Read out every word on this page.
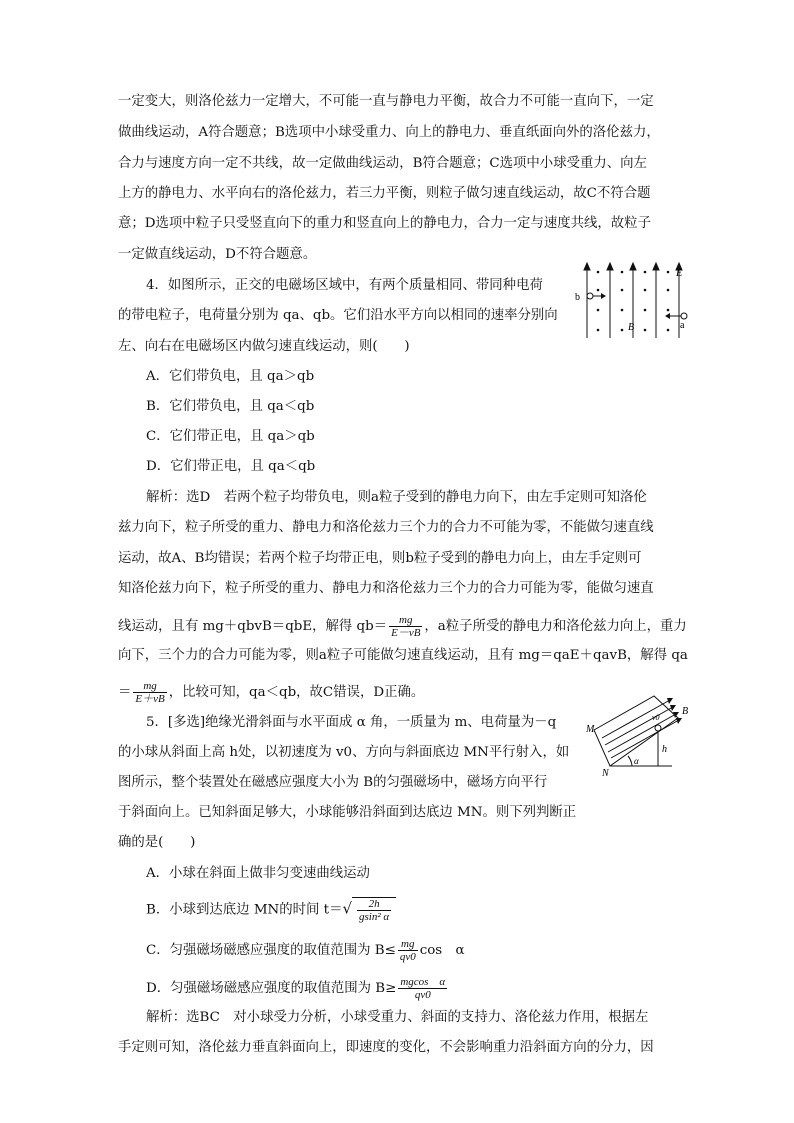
一定变大，则洛伦兹力一定增大，不可能一直与静电力平衡，故合力不可能一直向下，一定
做曲线运动，A符合题意；B选项中小球受重力、向上的静电力、垂直纸面向外的洛伦兹力，
合力与速度方向一定不共线，故一定做曲线运动，B符合题意；C选项中小球受重力、向左
上方的静电力、水平向右的洛伦兹力，若三力平衡，则粒子做匀速直线运动，故C不符合题
意；D选项中粒子只受竖直向下的重力和竖直向上的静电力，合力一定与速度共线，故粒子
一定做直线运动，D不符合题意。
4．如图所示，正交的电磁场区域中，有两个质量相同、带同种电荷
的带电粒子，电荷量分别为 qa、qb。它们沿水平方向以相同的速率分别向
左、向右在电磁场区内做匀速直线运动，则(　　)
b
a
E
B
A．它们带负电，且 qa＞qb
B．它们带负电，且 qa＜qb
C．它们带正电，且 qa＞qb
D．它们带正电，且 qa＜qb
解析：选D　若两个粒子均带负电，则a粒子受到的静电力向下，由左手定则可知洛伦
兹力向下，粒子所受的重力、静电力和洛伦兹力三个力的合力不可能为零，不能做匀速直线
运动，故A、B均错误；若两个粒子均带正电，则b粒子受到的静电力向上，由左手定则可
知洛伦兹力向下，粒子所受的重力、静电力和洛伦兹力三个力的合力可能为零，能做匀速直
线运动，且有 mg＋qbvB＝qbE，解得 $qb= \frac{mg}{E-vB}$ ，a粒子所受的静电力和洛伦兹力向上，重力
向下，三个力的合力可能为零，则a粒子可能做匀速直线运动，且有 mg＝qaE＋qavB，解得 qa
＝ $\frac{mg}{E+vB}$ ，比较可知，qa＜qb，故C错误，D正确。
5．[多选]绝缘光滑斜面与水平面成 α 角，一质量为 m、电荷量为－q
的小球从斜面上高 h处，以初速度为 v0、方向与斜面底边 MN平行射入，如
图所示，整个装置处在磁感应强度大小为 B的匀强磁场中，磁场方向平行
于斜面向上。已知斜面足够大，小球能够沿斜面到达底边 MN。则下列判断正
确的是(　　)
M
N
B
v0
h
α
A．小球在斜面上做非匀变速曲线运动
B．小球到达底边 MN的时间 $t=√ \frac{2h}{\text{gsin² α}}$
C．匀强磁场磁感应强度的取值范围为 $B\le \frac{mg}{qv0}$ cos　α
D．匀强磁场磁感应强度的取值范围为 $B\ge \frac{\text{mgcos　α}}{qv0}$
解析：选BC　对小球受力分析，小球受重力、斜面的支持力、洛伦兹力作用，根据左
手定则可知，洛伦兹力垂直斜面向上，即速度的变化，不会影响重力沿斜面方向的分力，因
